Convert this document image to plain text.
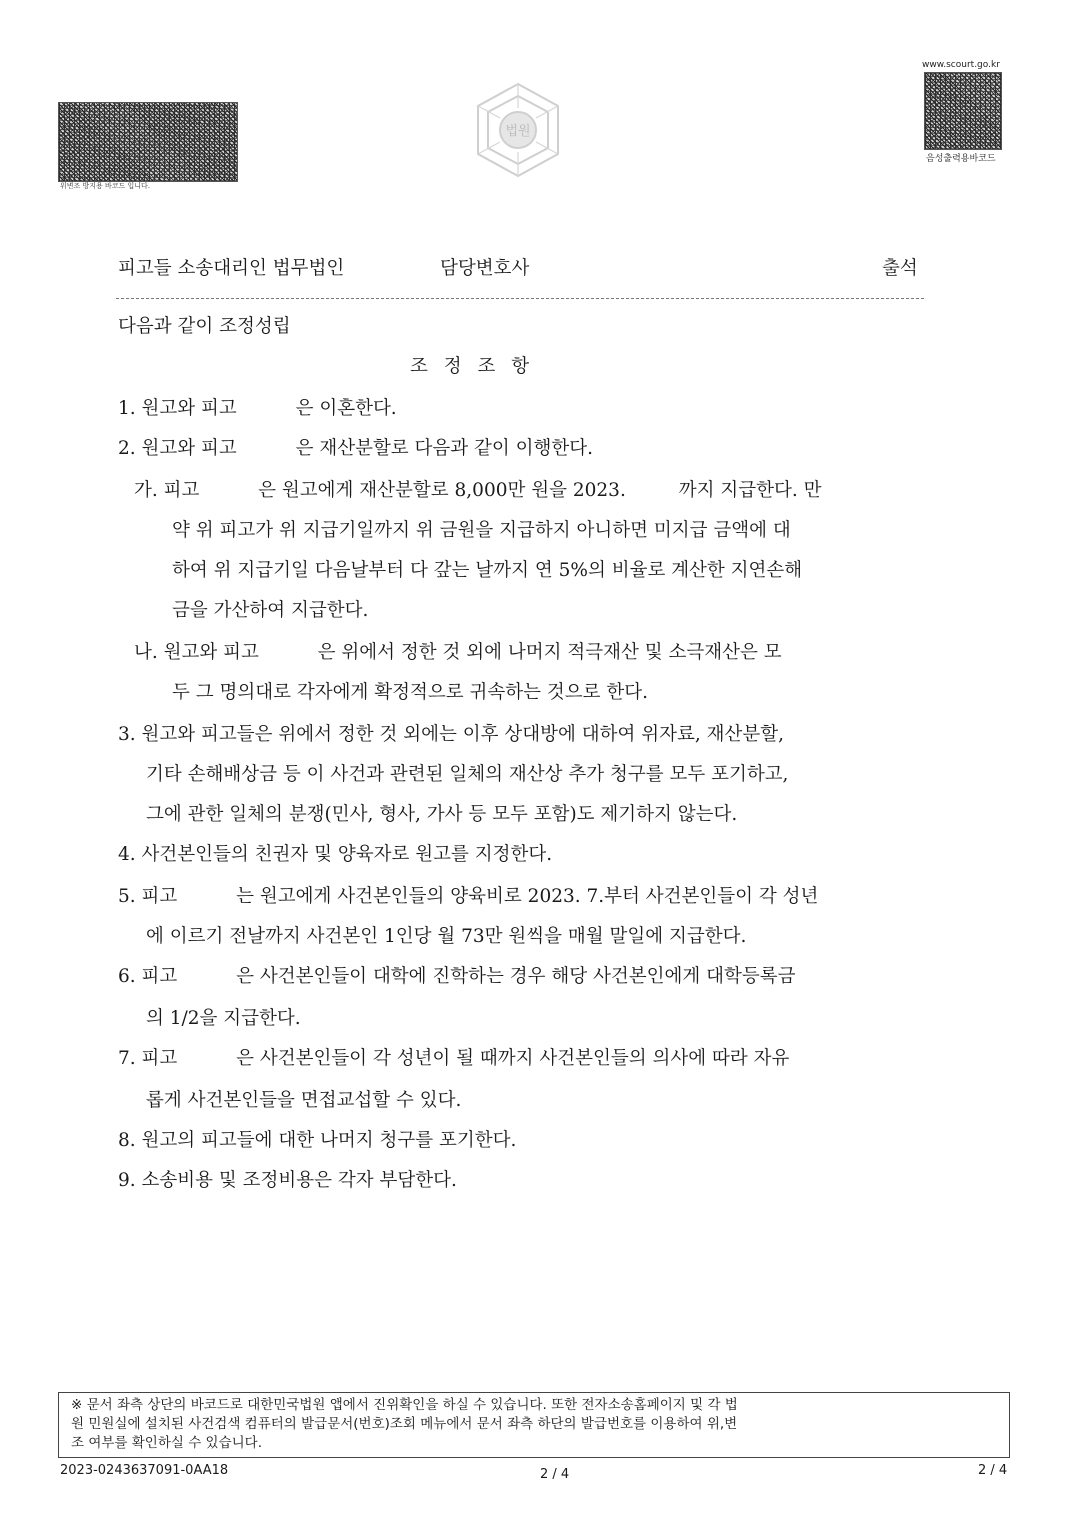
위변조 방지용 바코드 입니다.
법원
www.scourt.go.kr
음성출력용바코드
피고들 소송대리인 법무법인	담당변호사	출석
다음과 같이 조정성립
조 정 조 항
1. 원고와 피고          은 이혼한다.
2. 원고와 피고          은 재산분할로 다음과 같이 이행한다.
가. 피고          은 원고에게 재산분할로 8,000만 원을 2023.         까지 지급한다. 만
약 위 피고가 위 지급기일까지 위 금원을 지급하지 아니하면 미지급 금액에 대
하여 위 지급기일 다음날부터 다 갚는 날까지 연 5%의 비율로 계산한 지연손해
금을 가산하여 지급한다.
나. 원고와 피고          은 위에서 정한 것 외에 나머지 적극재산 및 소극재산은 모
두 그 명의대로 각자에게 확정적으로 귀속하는 것으로 한다.
3. 원고와 피고들은 위에서 정한 것 외에는 이후 상대방에 대하여 위자료, 재산분할,
기타 손해배상금 등 이 사건과 관련된 일체의 재산상 추가 청구를 모두 포기하고,
그에 관한 일체의 분쟁(민사, 형사, 가사 등 모두 포함)도 제기하지 않는다.
4. 사건본인들의 친권자 및 양육자로 원고를 지정한다.
5. 피고          는 원고에게 사건본인들의 양육비로 2023. 7.부터 사건본인들이 각 성년
에 이르기 전날까지 사건본인 1인당 월 73만 원씩을 매월 말일에 지급한다.
6. 피고          은 사건본인들이 대학에 진학하는 경우 해당 사건본인에게 대학등록금
의 1/2을 지급한다.
7. 피고          은 사건본인들이 각 성년이 될 때까지 사건본인들의 의사에 따라 자유
롭게 사건본인들을 면접교섭할 수 있다.
8. 원고의 피고들에 대한 나머지 청구를 포기한다.
9. 소송비용 및 조정비용은 각자 부담한다.
※ 문서 좌측 상단의 바코드로 대한민국법원 앱에서 진위확인을 하실 수 있습니다. 또한 전자소송홈페이지 및 각 법
원 민원실에 설치된 사건검색 컴퓨터의 발급문서(번호)조회 메뉴에서 문서 좌측 하단의 발급번호를 이용하여 위,변
조 여부를 확인하실 수 있습니다.
2023-0243637091-0AA18	2 / 4	2 / 4
